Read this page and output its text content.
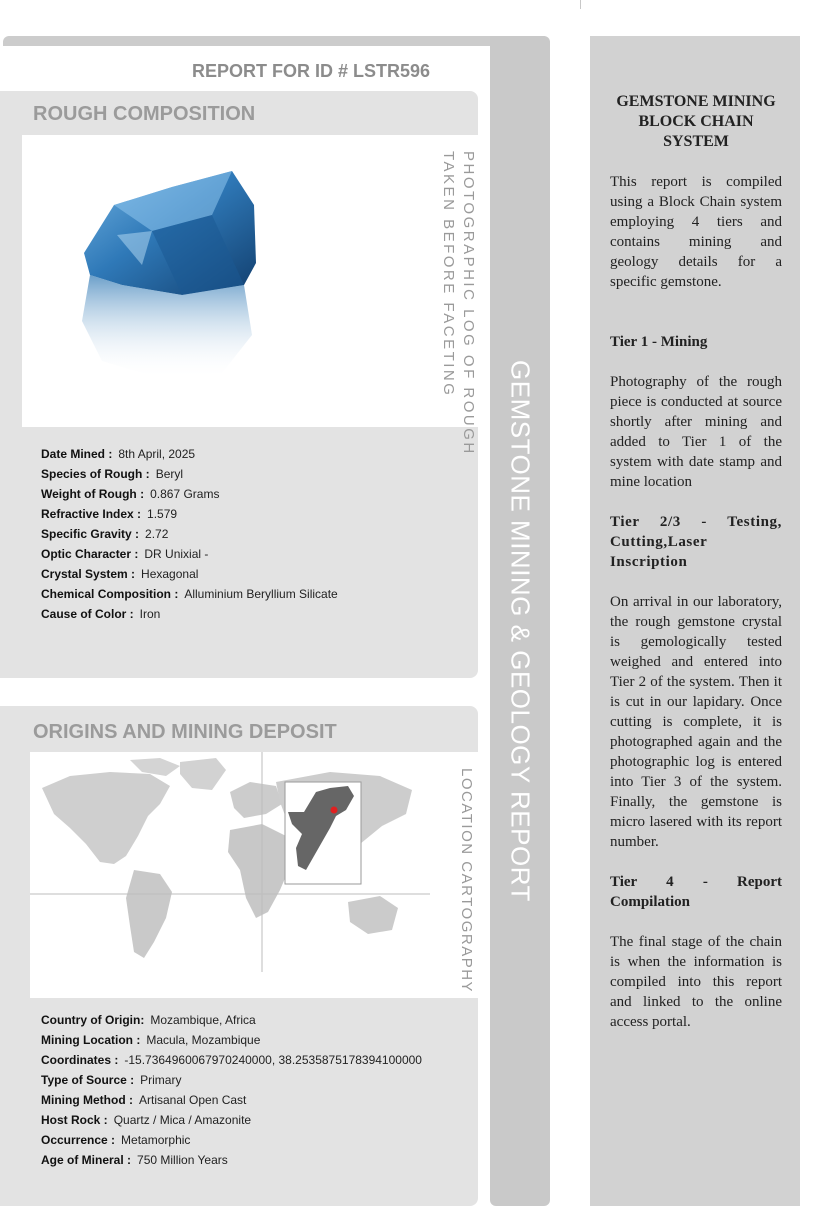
GEMSTONE MINING & GEOLOGY REPORT
REPORT FOR ID # LSTR596
ROUGH COMPOSITION
PHOTOGRAPHIC LOG OF ROUGH
TAKEN BEFORE FACETING
Date Mined : 8th April, 2025
Species of Rough : Beryl
Weight of Rough : 0.867 Grams
Refractive Index : 1.579
Specific Gravity : 2.72
Optic Character : DR Unixial -
Crystal System : Hexagonal
Chemical Composition : Alluminium Beryllium Silicate
Cause of Color : Iron
ORIGINS AND MINING DEPOSIT
LOCATION CARTOGRAPHY
Country of Origin: Mozambique, Africa
Mining Location : Macula, Mozambique
Coordinates : -15.7364960067970240000, 38.2535875178394100000
Type of Source : Primary
Mining Method : Artisanal Open Cast
Host Rock : Quartz / Mica / Amazonite
Occurrence : Metamorphic
Age of Mineral : 750 Million Years
GEMSTONE MINING BLOCK CHAIN SYSTEM

This report is compiled using a Block Chain system employing 4 tiers and contains mining and geology details for a specific gemstone.

Tier 1 - Mining

Photography of the rough piece is conducted at source shortly after mining and added to Tier 1 of the system with date stamp and mine location

Tier 2/3 - Testing, Cutting,Laser Inscription

On arrival in our laboratory, the rough gemstone crystal is gemologically tested weighed and entered into Tier 2 of the system. Then it is cut in our lapidary. Once cutting is complete, it is photographed again and the photographic log is entered into Tier 3 of the system. Finally, the gemstone is micro lasered with its report number.

Tier 4 - Report Compilation

The final stage of the chain is when the information is compiled into this report and linked to the online access portal.
